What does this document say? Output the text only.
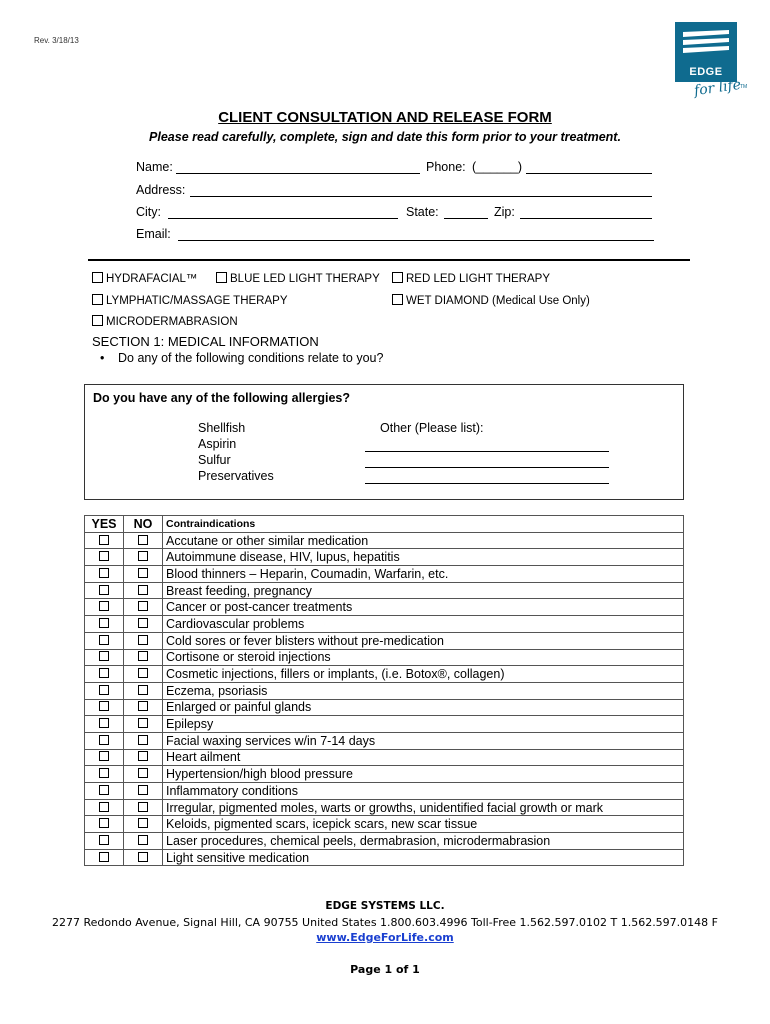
Rev. 3/18/13
EDGE
for life
TM
CLIENT CONSULTATION AND RELEASE FORM
Please read carefully, complete, sign and date this form prior to your treatment.
Name:	Phone: (______)
Address:
City:	State:	Zip:
Email:
HYDRAFACIAL™	BLUE LED LIGHT THERAPY	RED LED LIGHT THERAPY
LYMPHATIC/MASSAGE THERAPY	WET DIAMOND (Medical Use Only)
MICRODERMABRASION
SECTION 1: MEDICAL INFORMATION
• Do any of the following conditions relate to you?
Do you have any of the following allergies?
Shellfish
Aspirin
Sulfur
Preservatives
Other (Please list):
YES	NO	Contraindications
		Accutane or other similar medication
		Autoimmune disease, HIV, lupus, hepatitis
		Blood thinners – Heparin, Coumadin, Warfarin, etc.
		Breast feeding, pregnancy
		Cancer or post-cancer treatments
		Cardiovascular problems
		Cold sores or fever blisters without pre-medication
		Cortisone or steroid injections
		Cosmetic injections, fillers or implants, (i.e. Botox®, collagen)
		Eczema, psoriasis
		Enlarged or painful glands
		Epilepsy
		Facial waxing services w/in 7-14 days
		Heart ailment
		Hypertension/high blood pressure
		Inflammatory conditions
		Irregular, pigmented moles, warts or growths, unidentified facial growth or mark
		Keloids, pigmented scars, icepick scars, new scar tissue
		Laser procedures, chemical peels, dermabrasion, microdermabrasion
		Light sensitive medication
EDGE SYSTEMS LLC.
2277 Redondo Avenue, Signal Hill, CA 90755 United States 1.800.603.4996 Toll-Free 1.562.597.0102 T 1.562.597.0148 F
www.EdgeForLife.com
Page 1 of 1
